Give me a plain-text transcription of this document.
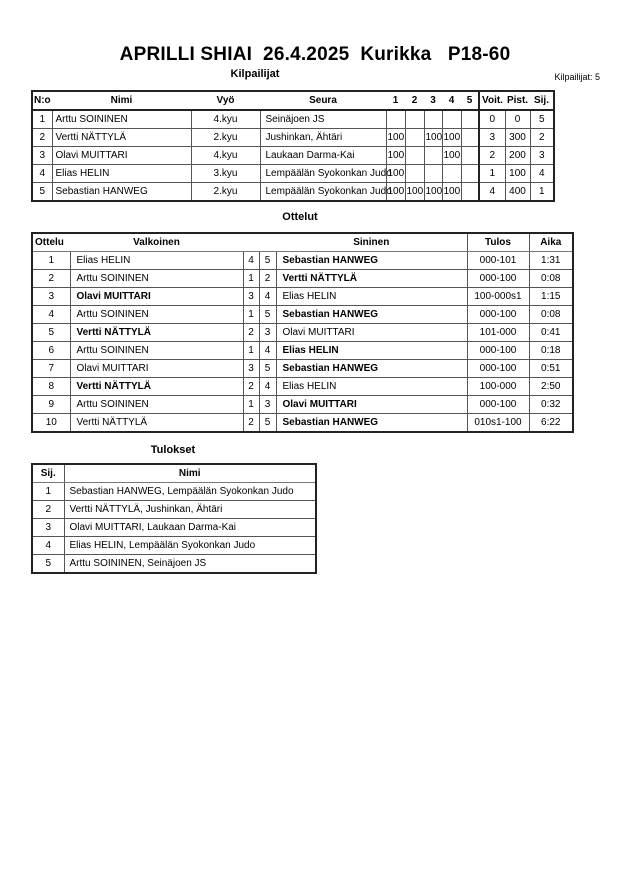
APRILLI SHIAI  26.4.2025  Kurikka   P18-60
Kilpailijat	Kilpailijat: 5
N:o	Nimi	Vyö	Seura	1	2	3	4	5	Voit.	Pist.	Sij.
1	Arttu SOININEN	4.kyu	Seinäjoen JS						0	0	5
2	Vertti NÄTTYLÄ	2.kyu	Jushinkan, Ähtäri	100		100	100		3	300	2
3	Olavi MUITTARI	4.kyu	Laukaan Darma-Kai	100			100		2	200	3
4	Elias HELIN	3.kyu	Lempäälän Syokonkan Judo	100					1	100	4
5	Sebastian HANWEG	2.kyu	Lempäälän Syokonkan Judo	100	100	100	100		4	400	1
Ottelut
Ottelu	Valkoinen			Sininen	Tulos	Aika
1	Elias HELIN	4	5	Sebastian HANWEG	000-101	1:31
2	Arttu SOININEN	1	2	Vertti NÄTTYLÄ	000-100	0:08
3	Olavi MUITTARI	3	4	Elias HELIN	100-000s1	1:15
4	Arttu SOININEN	1	5	Sebastian HANWEG	000-100	0:08
5	Vertti NÄTTYLÄ	2	3	Olavi MUITTARI	101-000	0:41
6	Arttu SOININEN	1	4	Elias HELIN	000-100	0:18
7	Olavi MUITTARI	3	5	Sebastian HANWEG	000-100	0:51
8	Vertti NÄTTYLÄ	2	4	Elias HELIN	100-000	2:50
9	Arttu SOININEN	1	3	Olavi MUITTARI	000-100	0:32
10	Vertti NÄTTYLÄ	2	5	Sebastian HANWEG	010s1-100	6:22
Tulokset
Sij.	Nimi
1	Sebastian HANWEG, Lempäälän Syokonkan Judo
2	Vertti NÄTTYLÄ, Jushinkan, Ähtäri
3	Olavi MUITTARI, Laukaan Darma-Kai
4	Elias HELIN, Lempäälän Syokonkan Judo
5	Arttu SOININEN, Seinäjoen JS
